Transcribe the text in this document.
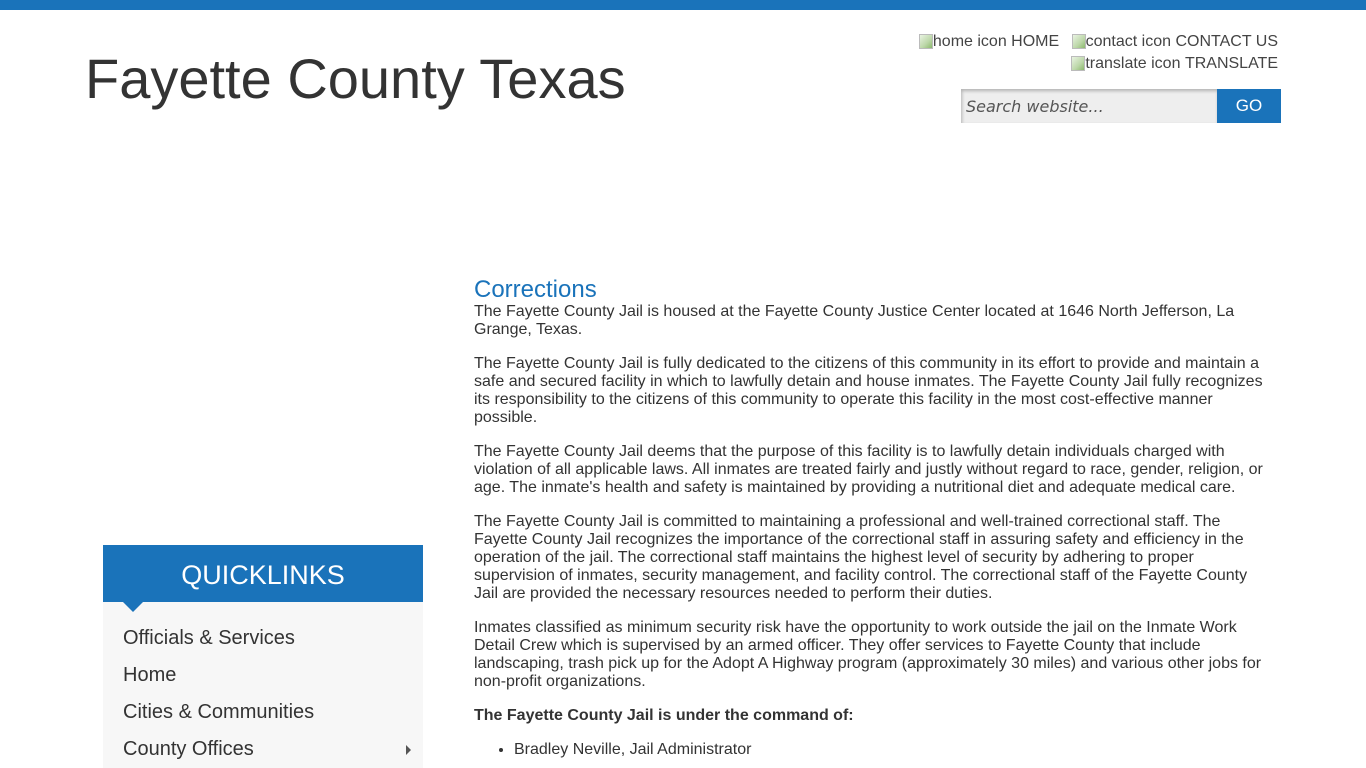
Fayette County Texas
home icon
HOME
contact icon
CONTACT US
translate icon
TRANSLATE
Search website...
GO
Corrections

The Fayette County Jail is housed at the Fayette County Justice Center located at 1646 North Jefferson, La Grange, Texas.

The Fayette County Jail is fully dedicated to the citizens of this community in its effort to provide and maintain a safe and secured facility in which to lawfully detain and house inmates. The Fayette County Jail fully recognizes its responsibility to the citizens of this community to operate this facility in the most cost-effective manner possible.

The Fayette County Jail deems that the purpose of this facility is to lawfully detain individuals charged with violation of all applicable laws. All inmates are treated fairly and justly without regard to race, gender, religion, or age. The inmate's health and safety is maintained by providing a nutritional diet and adequate medical care.

The Fayette County Jail is committed to maintaining a professional and well-trained correctional staff. The Fayette County Jail recognizes the importance of the correctional staff in assuring safety and efficiency in the operation of the jail. The correctional staff maintains the highest level of security by adhering to proper supervision of inmates, security management, and facility control. The correctional staff of the Fayette County Jail are provided the necessary resources needed to perform their duties.

Inmates classified as minimum security risk have the opportunity to work outside the jail on the Inmate Work Detail Crew which is supervised by an armed officer. They offer services to Fayette County that include landscaping, trash pick up for the Adopt A Highway program (approximately 30 miles) and various other jobs for non-profit organizations.

The Fayette County Jail is under the command of:

• Bradley Neville, Jail Administrator
QUICKLINKS
Officials & Services
Home
Cities & Communities
County Offices
